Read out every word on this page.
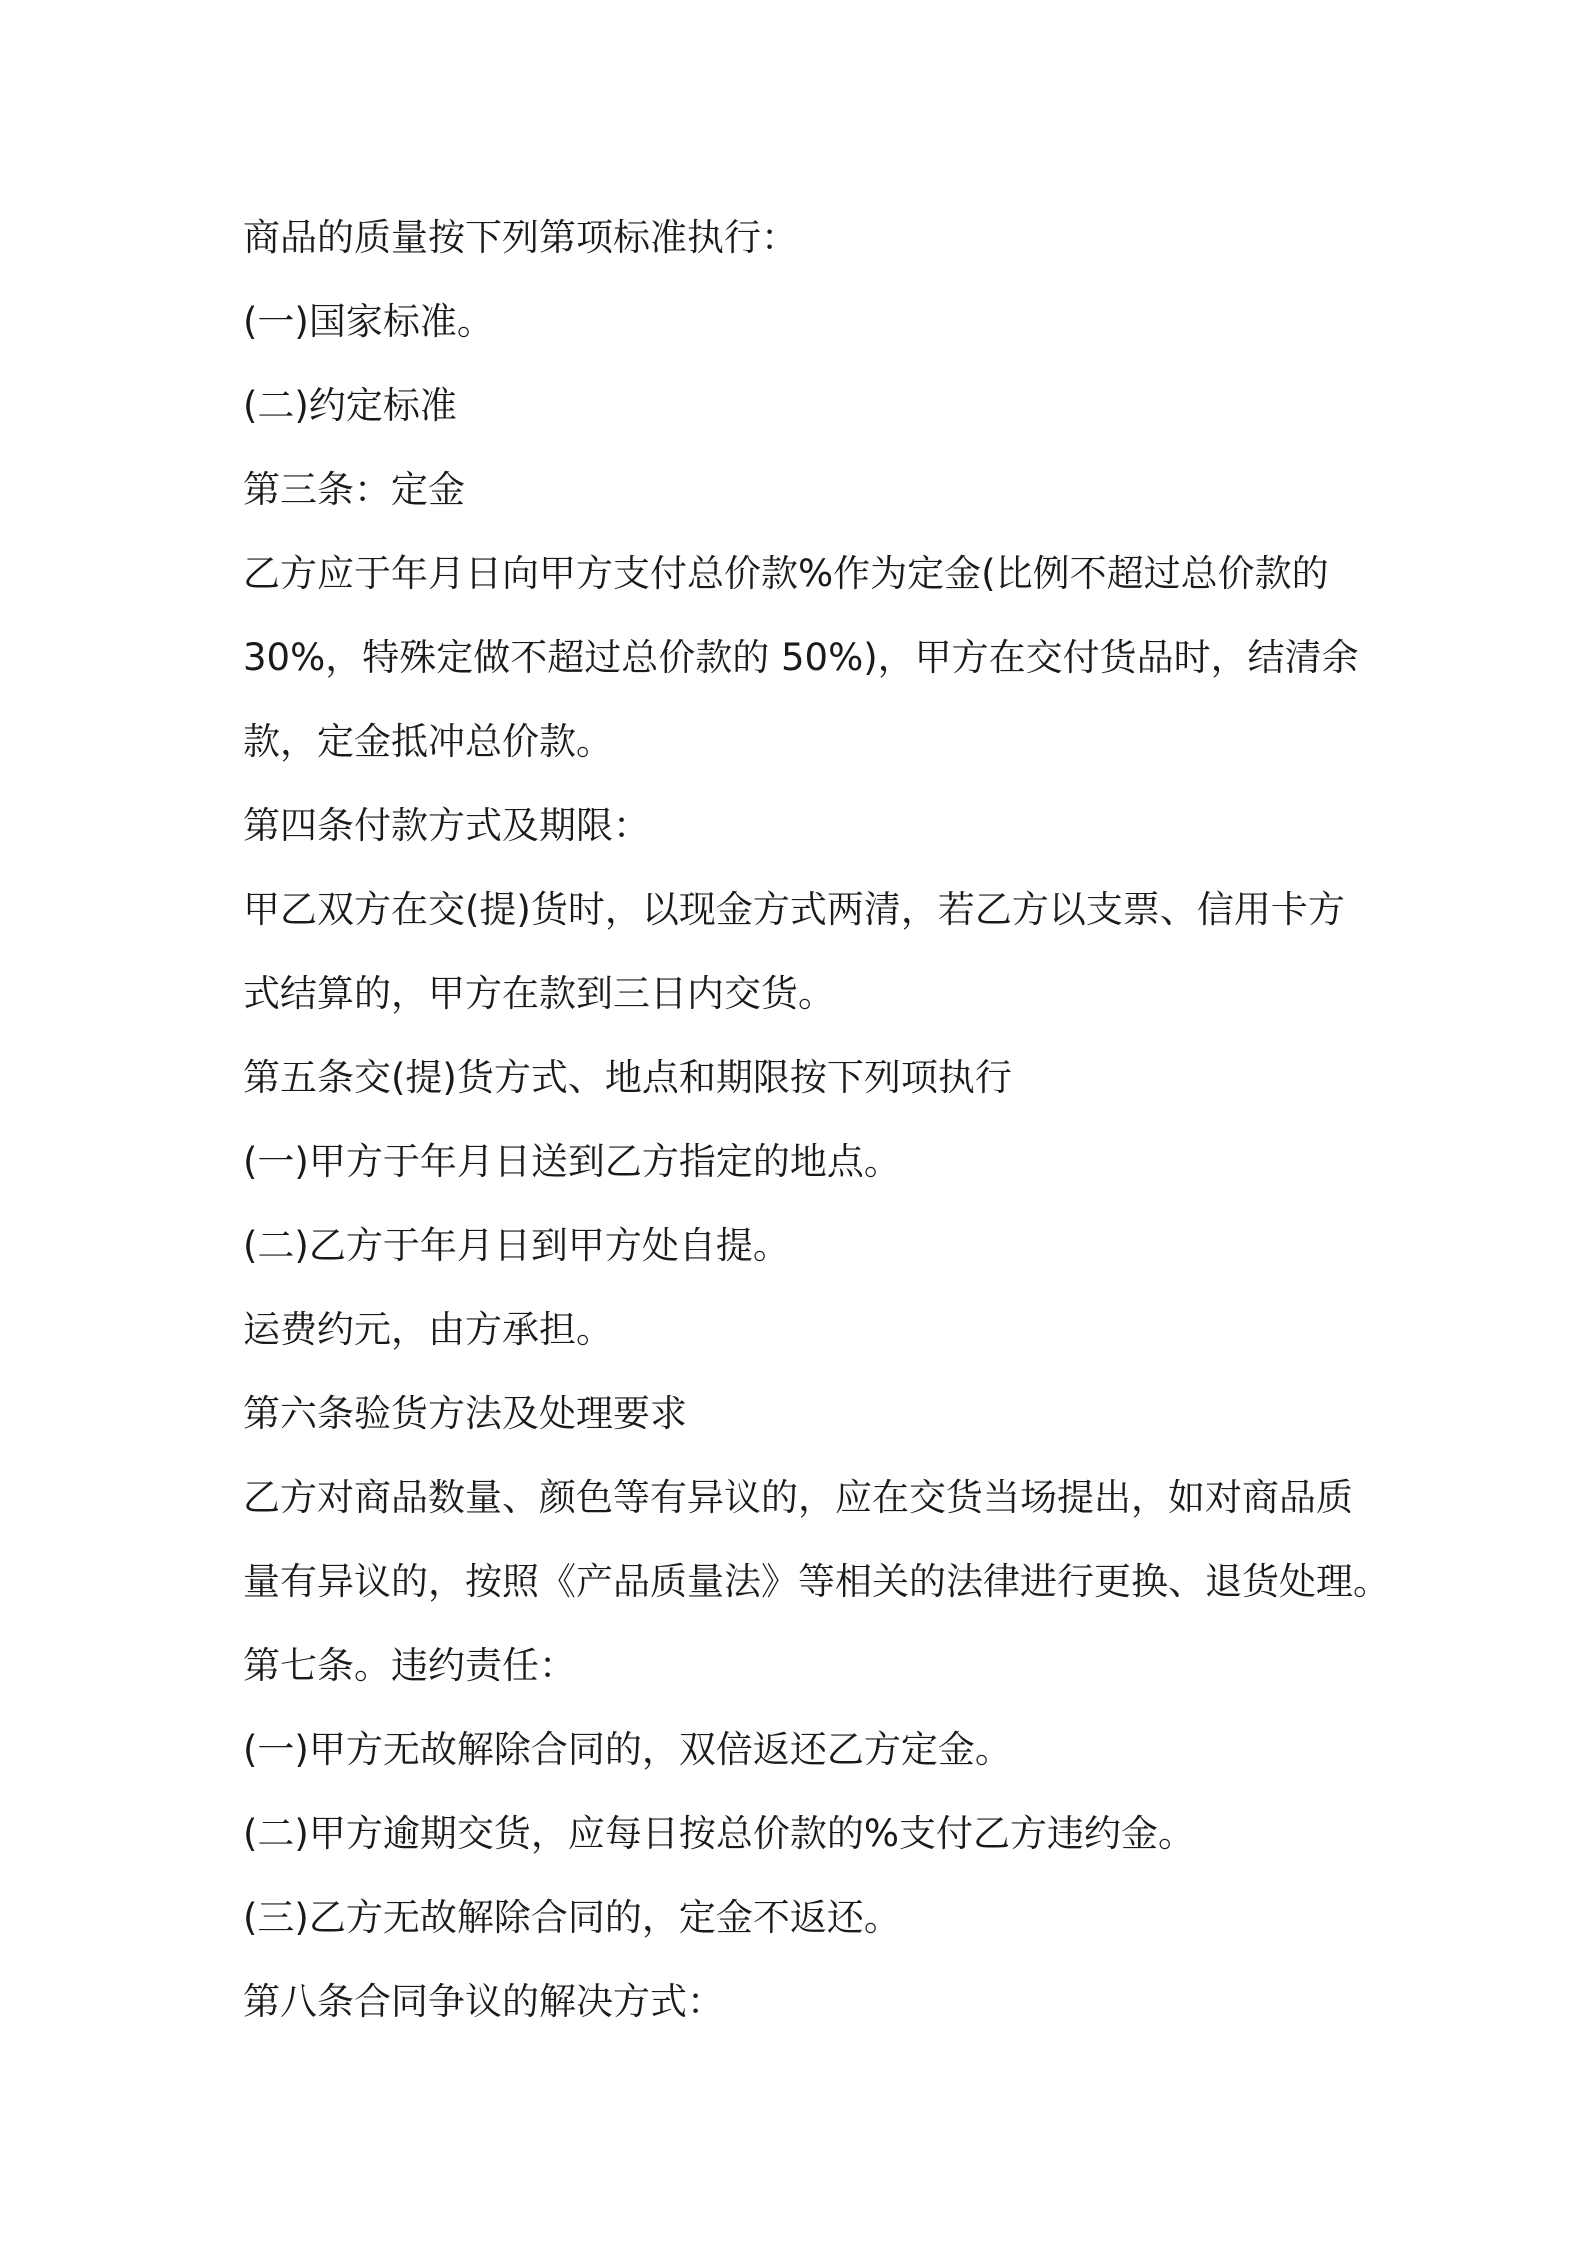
商品的质量按下列第项标准执行：

(一)国家标准。

(二)约定标准

第三条：定金

乙方应于年月日向甲方支付总价款%作为定金(比例不超过总价款的

30%，特殊定做不超过总价款的 50%)，甲方在交付货品时，结清余

款，定金抵冲总价款。

第四条付款方式及期限：

甲乙双方在交(提)货时，以现金方式两清，若乙方以支票、信用卡方

式结算的，甲方在款到三日内交货。

第五条交(提)货方式、地点和期限按下列项执行

(一)甲方于年月日送到乙方指定的地点。

(二)乙方于年月日到甲方处自提。

运费约元，由方承担。

第六条验货方法及处理要求

乙方对商品数量、颜色等有异议的，应在交货当场提出，如对商品质

量有异议的，按照《产品质量法》等相关的法律进行更换、退货处理。

第七条。违约责任：

(一)甲方无故解除合同的，双倍返还乙方定金。

(二)甲方逾期交货，应每日按总价款的%支付乙方违约金。

(三)乙方无故解除合同的，定金不返还。

第八条合同争议的解决方式：
